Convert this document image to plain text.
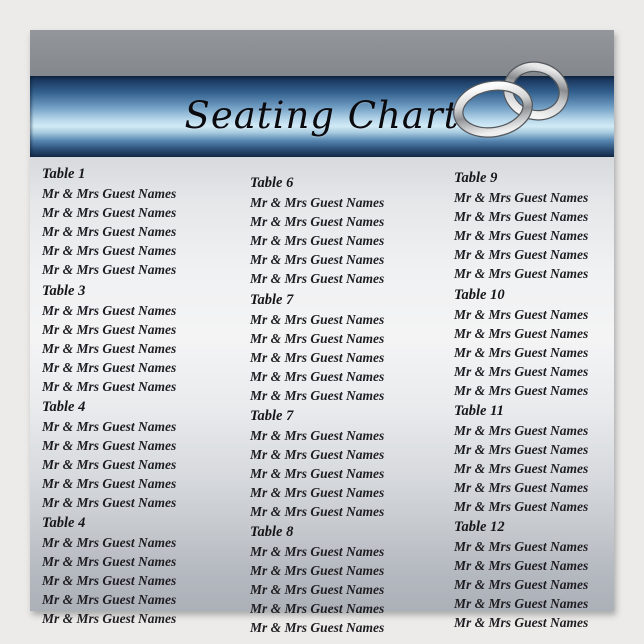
Seating Chart
Table 1
Mr & Mrs Guest Names
Mr & Mrs Guest Names
Mr & Mrs Guest Names
Mr & Mrs Guest Names
Mr & Mrs Guest Names
Table 6
Mr & Mrs Guest Names
Mr & Mrs Guest Names
Mr & Mrs Guest Names
Mr & Mrs Guest Names
Mr & Mrs Guest Names
Table 9
Mr & Mrs Guest Names
Mr & Mrs Guest Names
Mr & Mrs Guest Names
Mr & Mrs Guest Names
Mr & Mrs Guest Names
Table 3
Mr & Mrs Guest Names
Mr & Mrs Guest Names
Mr & Mrs Guest Names
Mr & Mrs Guest Names
Mr & Mrs Guest Names
Table 7
Mr & Mrs Guest Names
Mr & Mrs Guest Names
Mr & Mrs Guest Names
Mr & Mrs Guest Names
Mr & Mrs Guest Names
Table 10
Mr & Mrs Guest Names
Mr & Mrs Guest Names
Mr & Mrs Guest Names
Mr & Mrs Guest Names
Mr & Mrs Guest Names
Table 4
Mr & Mrs Guest Names
Mr & Mrs Guest Names
Mr & Mrs Guest Names
Mr & Mrs Guest Names
Mr & Mrs Guest Names
Table 7
Mr & Mrs Guest Names
Mr & Mrs Guest Names
Mr & Mrs Guest Names
Mr & Mrs Guest Names
Mr & Mrs Guest Names
Table 11
Mr & Mrs Guest Names
Mr & Mrs Guest Names
Mr & Mrs Guest Names
Mr & Mrs Guest Names
Mr & Mrs Guest Names
Table 4
Mr & Mrs Guest Names
Mr & Mrs Guest Names
Mr & Mrs Guest Names
Mr & Mrs Guest Names
Mr & Mrs Guest Names
Table 8
Mr & Mrs Guest Names
Mr & Mrs Guest Names
Mr & Mrs Guest Names
Mr & Mrs Guest Names
Mr & Mrs Guest Names
Table 12
Mr & Mrs Guest Names
Mr & Mrs Guest Names
Mr & Mrs Guest Names
Mr & Mrs Guest Names
Mr & Mrs Guest Names
